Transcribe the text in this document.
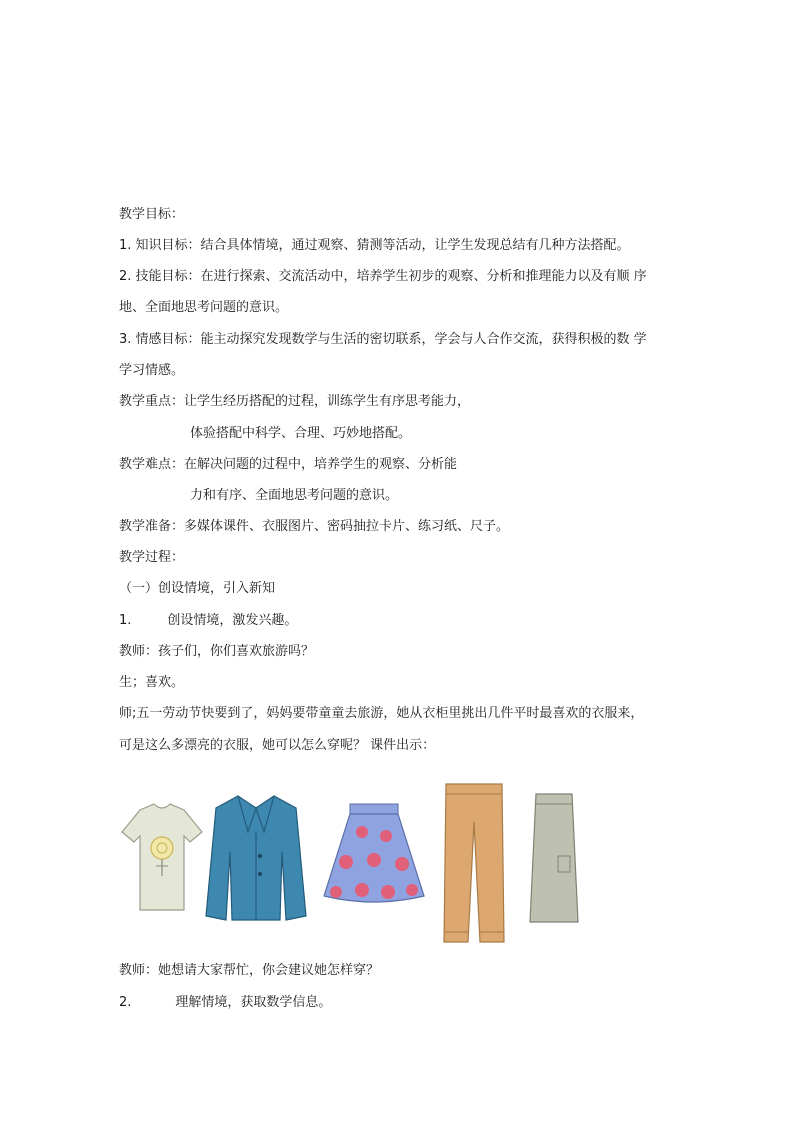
教学目标：
1. 知识目标：结合具体情境，通过观察、猜测等活动，让学生发现总结有几种方法搭配。
2. 技能目标：在进行探索、交流活动中，培养学生初步的观察、分析和推理能力以及有顺 序
地、全面地思考问题的意识。
3. 情感目标：能主动探究发现数学与生活的密切联系，学会与人合作交流，获得积极的数 学
学习情感。
教学重点：让学生经历搭配的过程，训练学生有序思考能力，
体验搭配中科学、合理、巧妙地搭配。
教学难点：在解决问题的过程中，培养学生的观察、分析能
力和有序、全面地思考问题的意识。
教学准备：多媒体课件、衣服图片、密码抽拉卡片、练习纸、尺子。
教学过程：
（一）创设情境，引入新知
1.	创设情境，激发兴趣。
教师：孩子们，你们喜欢旅游吗？
生；喜欢。
师;五一劳动节快要到了，妈妈要带童童去旅游，她从衣柜里挑出几件平时最喜欢的衣服来，
可是这么多漂亮的衣服，她可以怎么穿呢？ 课件出示：
教师：她想请大家帮忙，你会建议她怎样穿？
2.	理解情境，获取数学信息。
